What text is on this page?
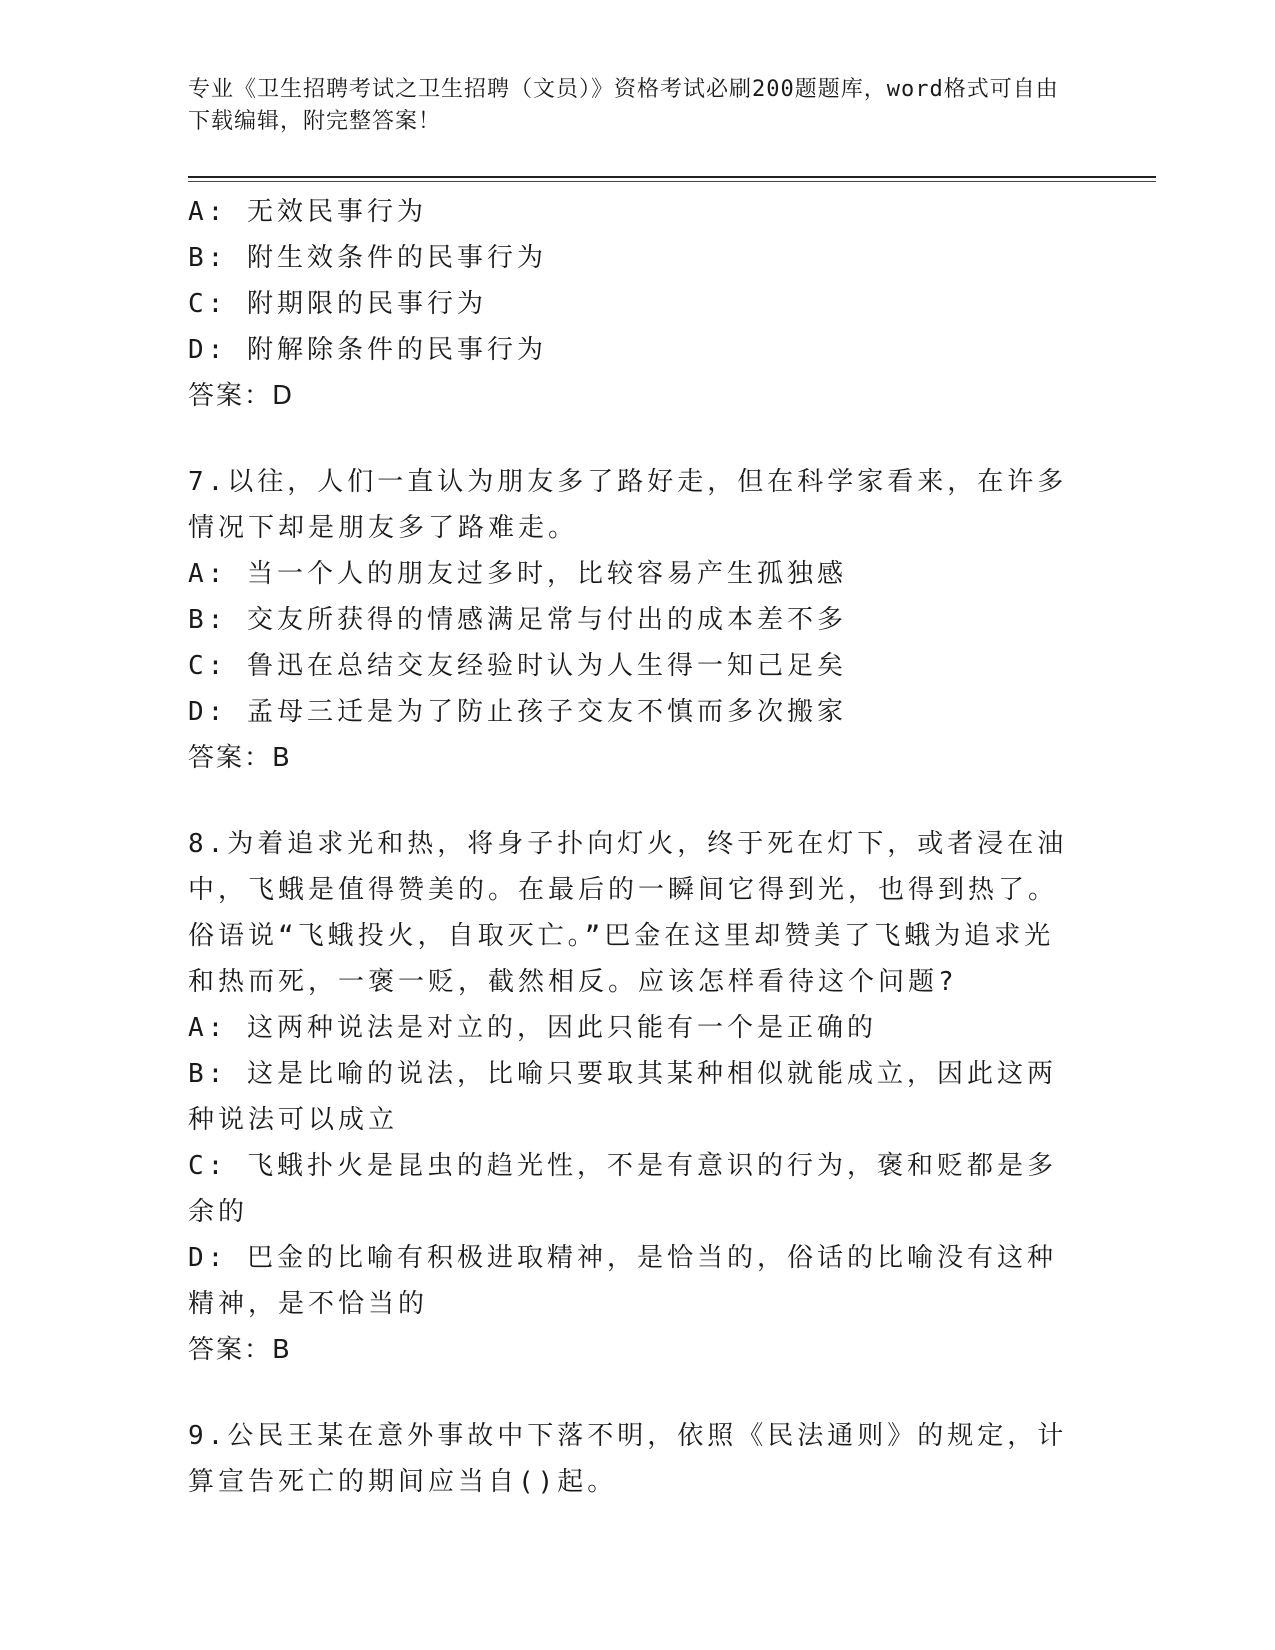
专业《卫生招聘考试之卫生招聘（文员）》资格考试必刷200题题库，word格式可自由下载编辑，附完整答案！

A: 无效民事行为

B: 附生效条件的民事行为

C: 附期限的民事行为

D: 附解除条件的民事行为

答案：D

7.以往，人们一直认为朋友多了路好走，但在科学家看来，在许多情况下却是朋友多了路难走。

A: 当一个人的朋友过多时，比较容易产生孤独感

B: 交友所获得的情感满足常与付出的成本差不多

C: 鲁迅在总结交友经验时认为人生得一知己足矣

D: 孟母三迁是为了防止孩子交友不慎而多次搬家

答案：B

8.为着追求光和热，将身子扑向灯火，终于死在灯下，或者浸在油中，飞蛾是值得赞美的。在最后的一瞬间它得到光，也得到热了。俗语说“飞蛾投火，自取灭亡。”巴金在这里却赞美了飞蛾为追求光和热而死，一褒一贬，截然相反。应该怎样看待这个问题?

A: 这两种说法是对立的，因此只能有一个是正确的

B: 这是比喻的说法，比喻只要取其某种相似就能成立，因此这两种说法可以成立

C: 飞蛾扑火是昆虫的趋光性，不是有意识的行为，褒和贬都是多余的

D: 巴金的比喻有积极进取精神，是恰当的，俗话的比喻没有这种精神，是不恰当的

答案：B

9.公民王某在意外事故中下落不明，依照《民法通则》的规定，计算宣告死亡的期间应当自()起。
